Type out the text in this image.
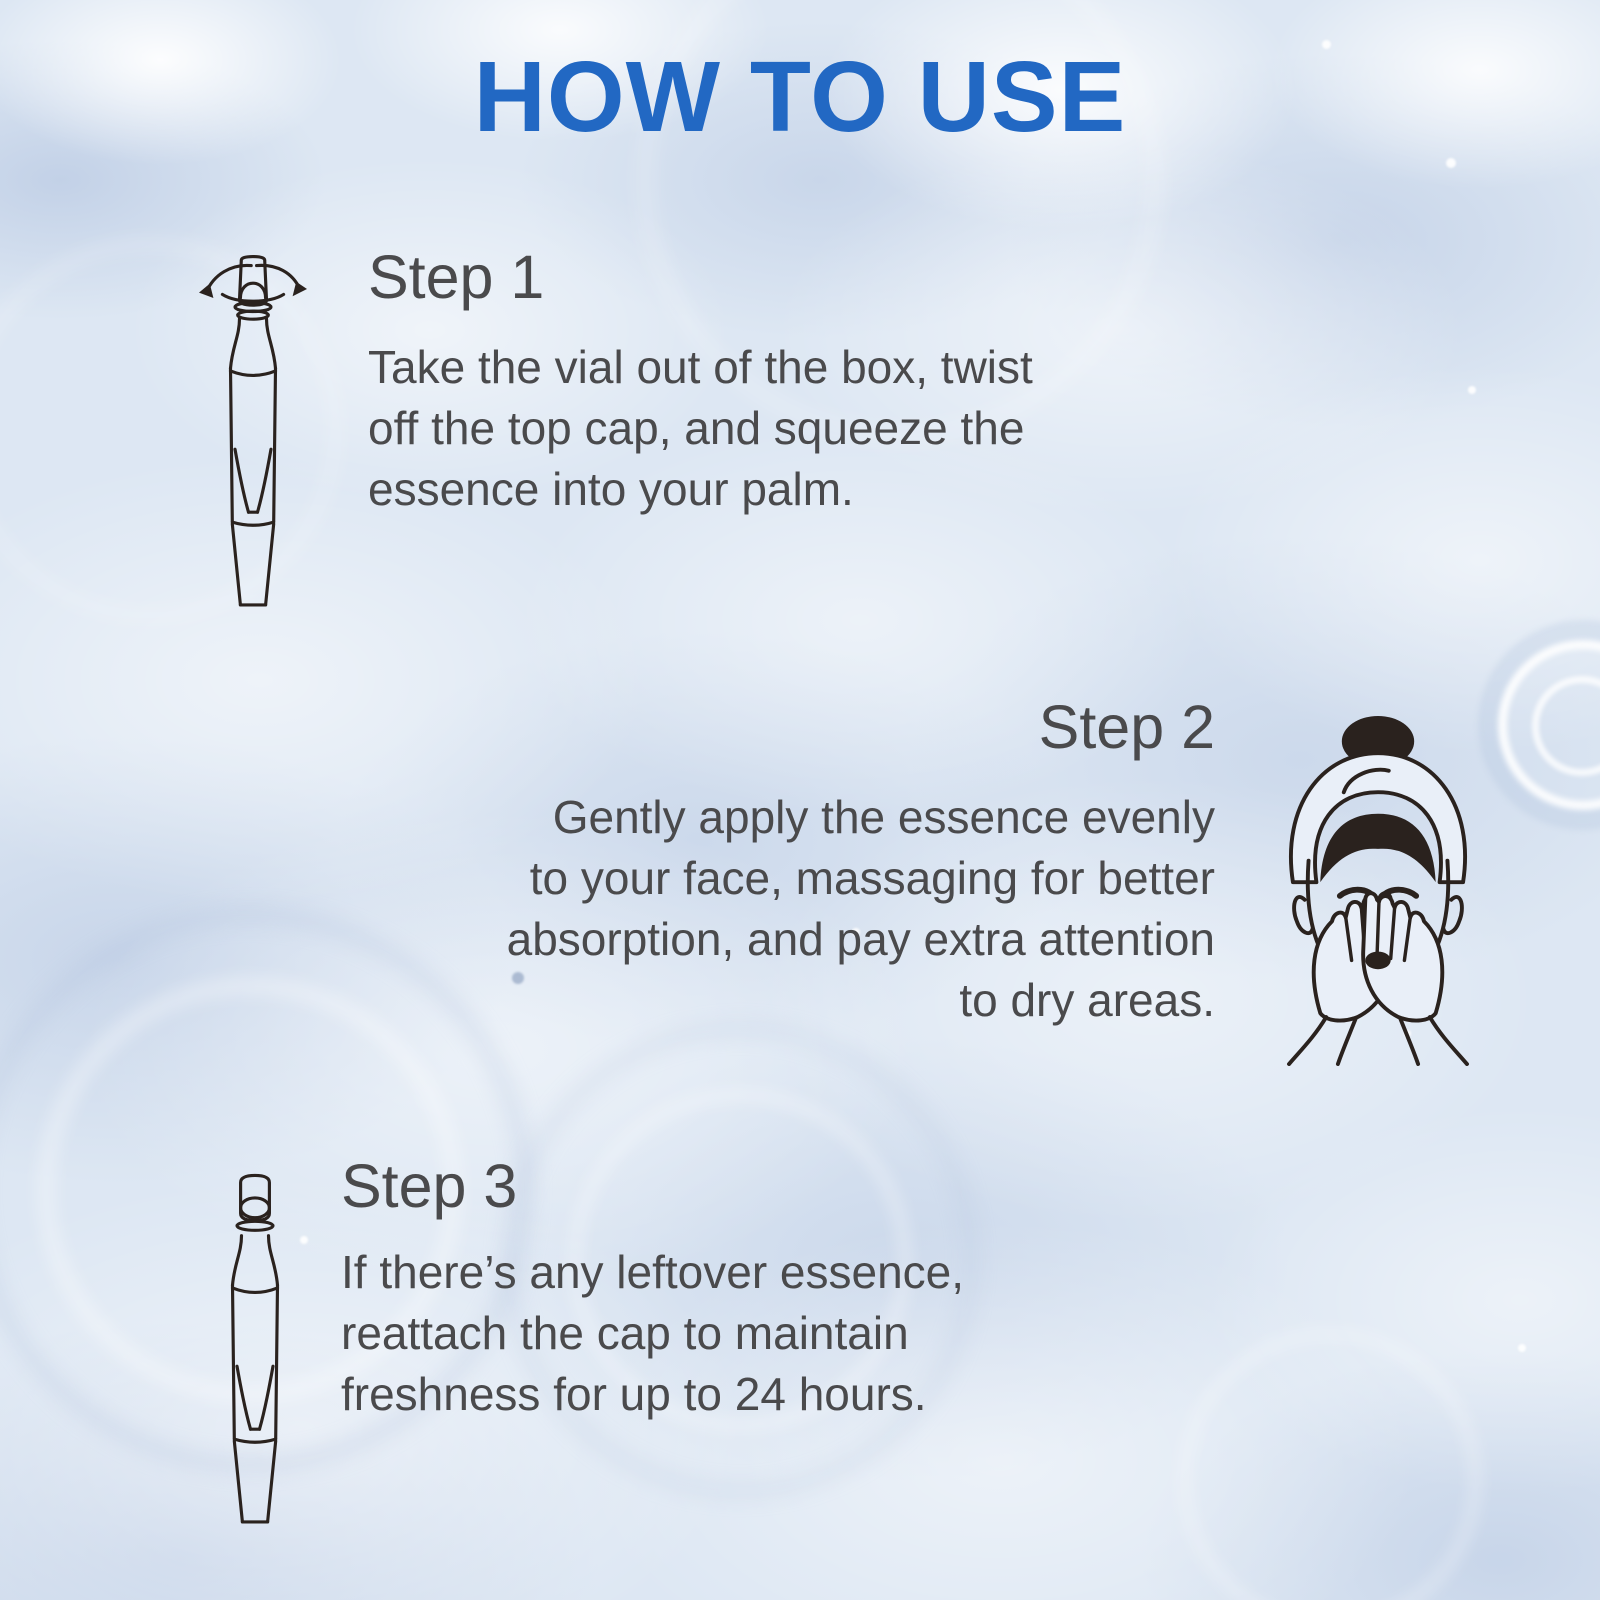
HOW TO USE
Step 1

Take the vial out of the box, twist
off the top cap, and squeeze the
essence into your palm.

Step 2

Gently apply the essence evenly
to your face, massaging for better
absorption, and pay extra attention
to dry areas.

Step 3

If there’s any leftover essence,
reattach the cap to maintain
freshness for up to 24 hours.
